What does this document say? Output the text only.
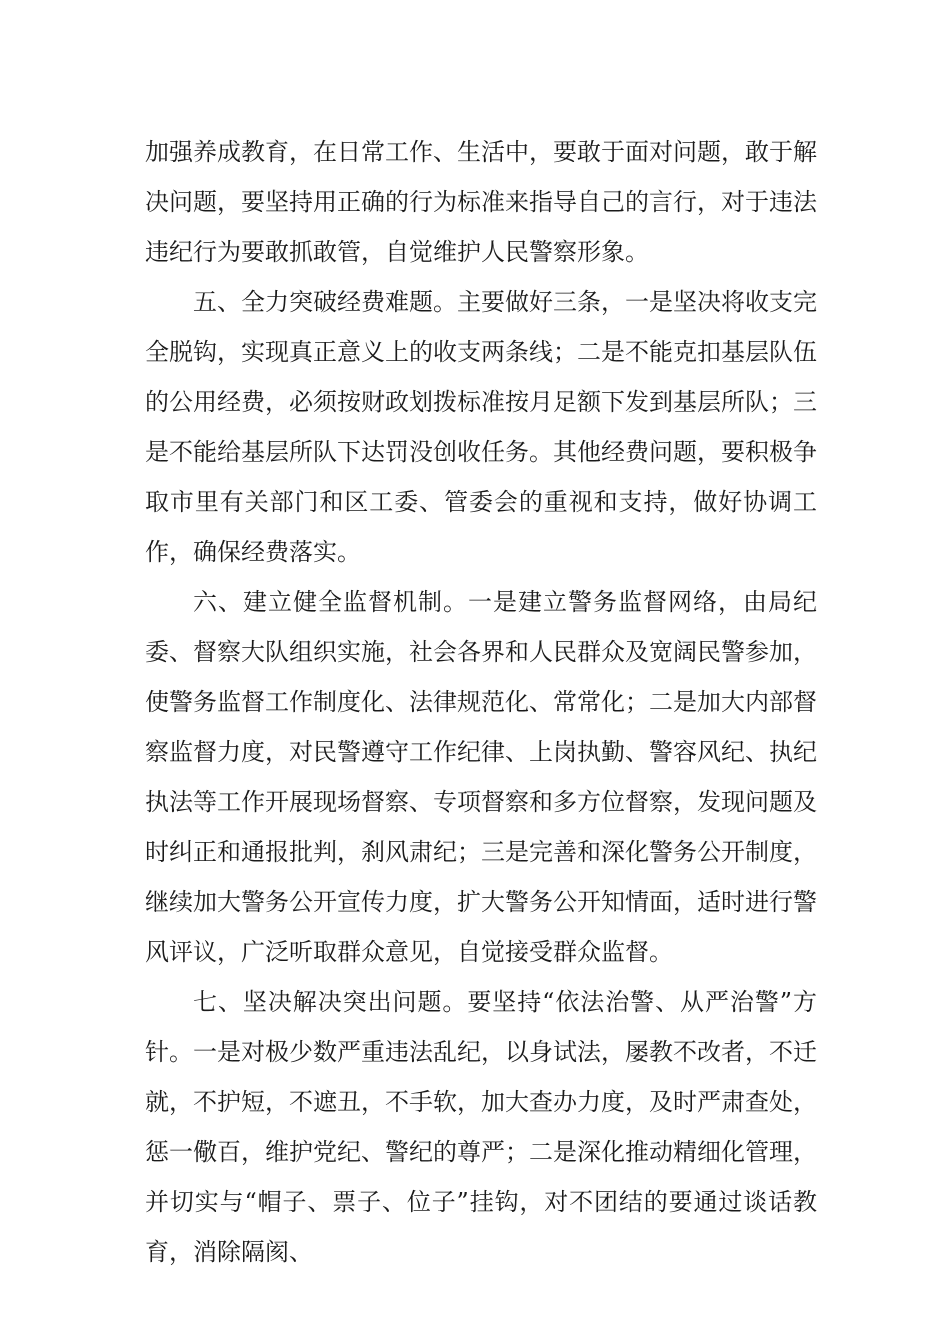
加强养成教育，在日常工作、生活中，要敢于面对问题，敢于解决问题，要坚持用正确的行为标准来指导自己的言行，对于违法违纪行为要敢抓敢管，自觉维护人民警察形象。

五、全力突破经费难题。主要做好三条，一是坚决将收支完全脱钩，实现真正意义上的收支两条线；二是不能克扣基层队伍的公用经费，必须按财政划拨标准按月足额下发到基层所队；三是不能给基层所队下达罚没创收任务。其他经费问题，要积极争取市里有关部门和区工委、管委会的重视和支持，做好协调工作，确保经费落实。

六、建立健全监督机制。一是建立警务监督网络，由局纪委、督察大队组织实施，社会各界和人民群众及宽阔民警参加，使警务监督工作制度化、法律规范化、常常化；二是加大内部督察监督力度，对民警遵守工作纪律、上岗执勤、警容风纪、执纪执法等工作开展现场督察、专项督察和多方位督察，发现问题及时纠正和通报批判，刹风肃纪；三是完善和深化警务公开制度，继续加大警务公开宣传力度，扩大警务公开知情面，适时进行警风评议，广泛听取群众意见，自觉接受群众监督。

七、坚决解决突出问题。要坚持“依法治警、从严治警”方针。一是对极少数严重违法乱纪，以身试法，屡教不改者，不迁就，不护短，不遮丑，不手软，加大查办力度，及时严肃查处，惩一儆百，维护党纪、警纪的尊严；二是深化推动精细化管理，并切实与“帽子、票子、位子”挂钩，对不团结的要通过谈话教育，消除隔阂、
